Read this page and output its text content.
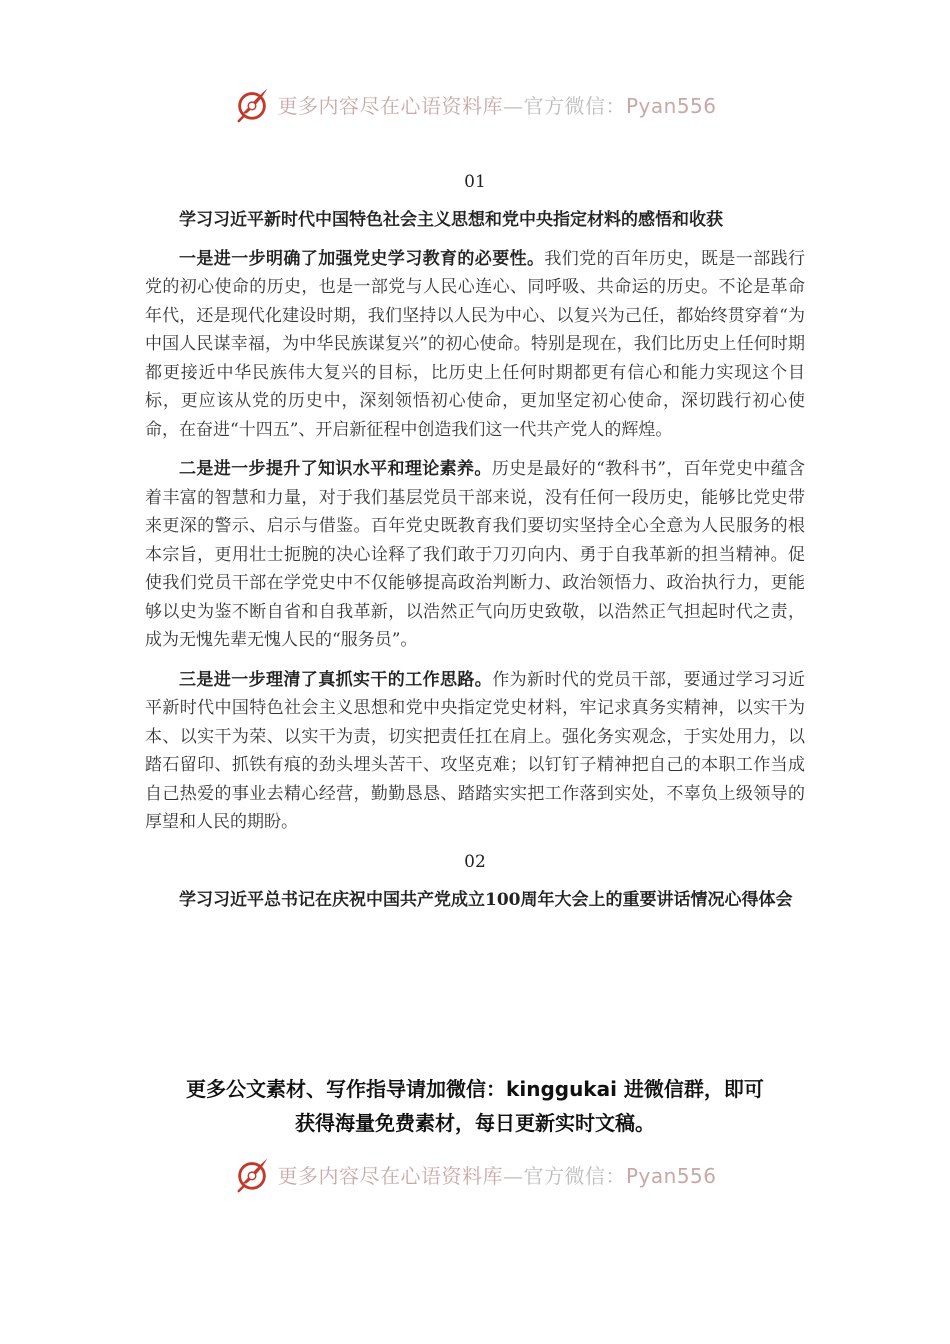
更多内容尽在心语资料库—官方微信：Pyan556
01
学习习近平新时代中国特色社会主义思想和党中央指定材料的感悟和收获

一是进一步明确了加强党史学习教育的必要性。我们党的百年历史，既是一部践行党的初心使命的历史，也是一部党与人民心连心、同呼吸、共命运的历史。不论是革命年代，还是现代化建设时期，我们坚持以人民为中心、以复兴为己任，都始终贯穿着“为中国人民谋幸福，为中华民族谋复兴”的初心使命。特别是现在，我们比历史上任何时期都更接近中华民族伟大复兴的目标，比历史上任何时期都更有信心和能力实现这个目标，更应该从党的历史中，深刻领悟初心使命，更加坚定初心使命，深切践行初心使命，在奋进“十四五”、开启新征程中创造我们这一代共产党人的辉煌。

二是进一步提升了知识水平和理论素养。历史是最好的“教科书”，百年党史中蕴含着丰富的智慧和力量，对于我们基层党员干部来说，没有任何一段历史，能够比党史带来更深的警示、启示与借鉴。百年党史既教育我们要切实坚持全心全意为人民服务的根本宗旨，更用壮士扼腕的决心诠释了我们敢于刀刃向内、勇于自我革新的担当精神。促使我们党员干部在学党史中不仅能够提高政治判断力、政治领悟力、政治执行力，更能够以史为鉴不断自省和自我革新，以浩然正气向历史致敬，以浩然正气担起时代之责，成为无愧先辈无愧人民的“服务员”。

三是进一步理清了真抓实干的工作思路。作为新时代的党员干部，要通过学习习近平新时代中国特色社会主义思想和党中央指定党史材料，牢记求真务实精神，以实干为本、以实干为荣、以实干为责，切实把责任扛在肩上。强化务实观念，于实处用力，以踏石留印、抓铁有痕的劲头埋头苦干、攻坚克难；以钉钉子精神把自己的本职工作当成自己热爱的事业去精心经营，勤勤恳恳、踏踏实实把工作落到实处，不辜负上级领导的厚望和人民的期盼。

02
学习习近平总书记在庆祝中国共产党成立100周年大会上的重要讲话情况心得体会
更多公文素材、写作指导请加微信：kinggukai 进微信群，即可
获得海量免费素材，每日更新实时文稿。
更多内容尽在心语资料库—官方微信：Pyan556
